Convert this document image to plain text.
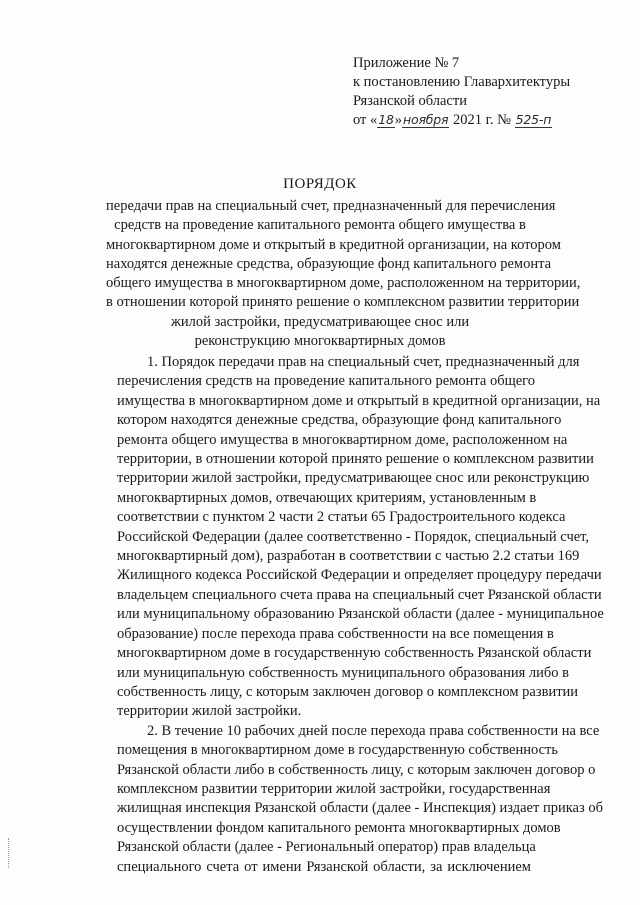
Приложение № 7
к постановлению Главархитектуры
Рязанской области
от «18»ноября 2021 г. № 525-п
ПОРЯДОК
передачи прав на специальный счет, предназначенный для перечисления
средств на проведение капитального ремонта общего имущества в
многоквартирном доме и открытый в кредитной организации, на котором
находятся денежные средства, образующие фонд капитального ремонта
общего имущества в многоквартирном доме, расположенном на территории,
в отношении которой принято решение о комплексном развитии территории
жилой застройки, предусматривающее снос или
реконструкцию многоквартирных домов
1. Порядок передачи прав на специальный счет, предназначенный для
перечисления средств на проведение капитального ремонта общего
имущества в многоквартирном доме и открытый в кредитной организации, на
котором находятся денежные средства, образующие фонд капитального
ремонта общего имущества в многоквартирном доме, расположенном на
территории, в отношении которой принято решение о комплексном развитии
территории жилой застройки, предусматривающее снос или реконструкцию
многоквартирных домов, отвечающих критериям, установленным в
соответствии с пунктом 2 части 2 статьи 65 Градостроительного кодекса
Российской Федерации (далее соответственно - Порядок, специальный счет,
многоквартирный дом), разработан в соответствии с частью 2.2 статьи 169
Жилищного кодекса Российской Федерации и определяет процедуру передачи
владельцем специального счета права на специальный счет Рязанской области
или муниципальному образованию Рязанской области (далее - муниципальное
образование) после перехода права собственности на все помещения в
многоквартирном доме в государственную собственность Рязанской области
или муниципальную собственность муниципального образования либо в
собственность лицу, с которым заключен договор о комплексном развитии
территории жилой застройки.
2. В течение 10 рабочих дней после перехода права собственности на все
помещения в многоквартирном доме в государственную собственность
Рязанской области либо в собственность лицу, с которым заключен договор о
комплексном развитии территории жилой застройки, государственная
жилищная инспекция Рязанской области (далее - Инспекция) издает приказ об
осуществлении фондом капитального ремонта многоквартирных домов
Рязанской области (далее - Региональный оператор) прав владельца
специального счета от имени Рязанской области, за исключением
